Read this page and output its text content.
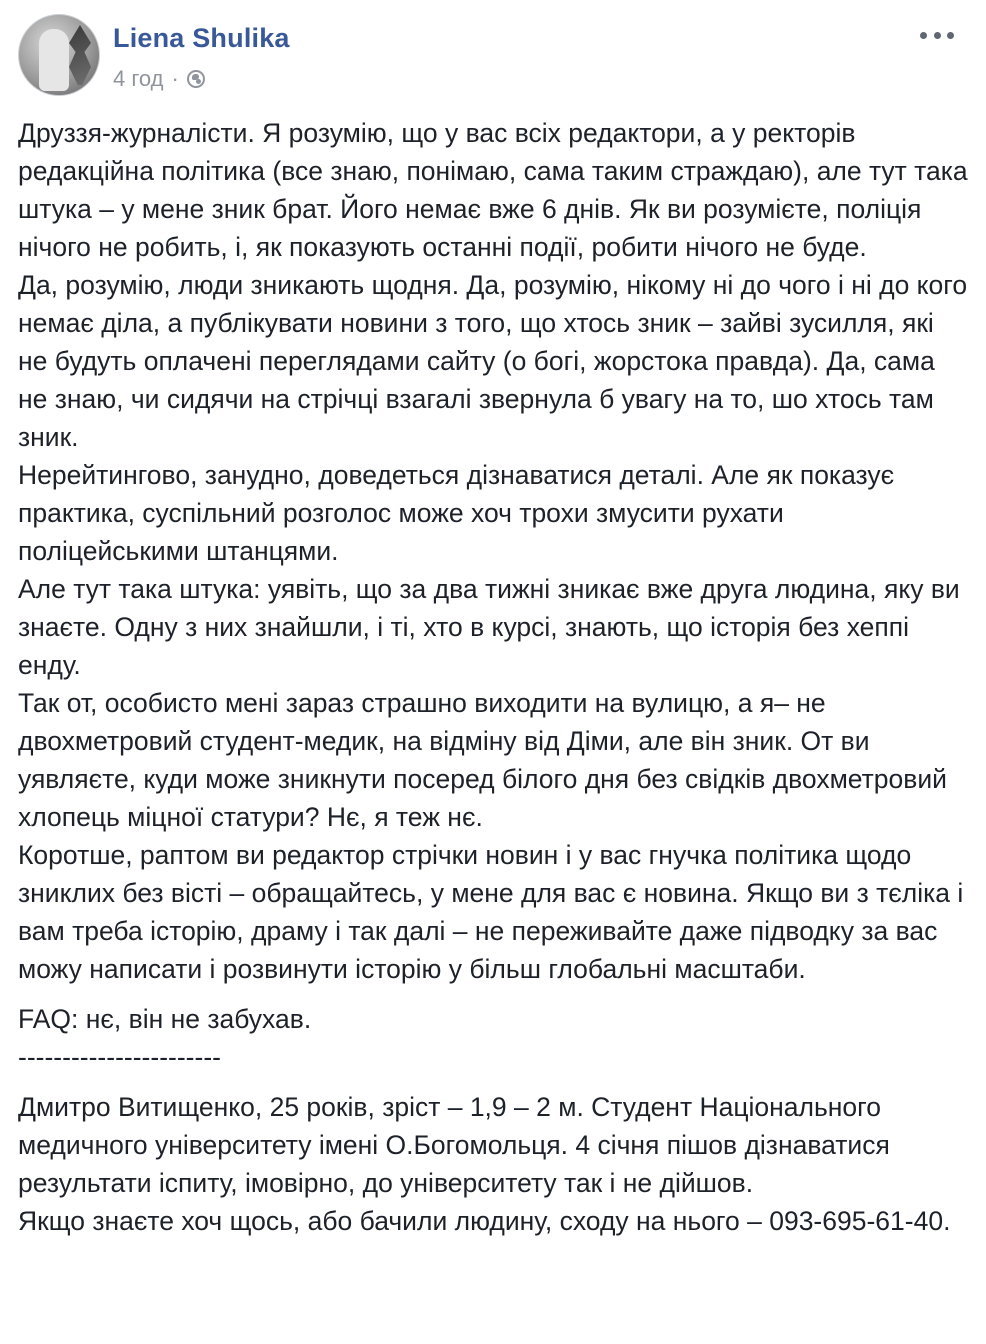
Liena Shulika
4 год ·

Друззя-журналісти. Я розумію, що у вас всіх редактори, а у ректорів редакційна політика (все знаю, понімаю, сама таким страждаю), але тут така штука – у мене зник брат. Його немає вже 6 днів. Як ви розумієте, поліція нічого не робить, і, як показують останні події, робити нічого не буде.

Да, розумію, люди зникають щодня. Да, розумію, нікому ні до чого і ні до кого немає діла, а публікувати новини з того, що хтось зник – зайві зусилля, які не будуть оплачені переглядами сайту (о богі, жорстока правда). Да, сама не знаю, чи сидячи на стрічці взагалі звернула б увагу на то, шо хтось там зник.

Нерейтингово, занудно, доведеться дізнаватися деталі. Але як показує практика, суспільний розголос може хоч трохи змусити рухати поліцейськими штанцями.

Але тут така штука: уявіть, що за два тижні зникає вже друга людина, яку ви знаєте. Одну з них знайшли, і ті, хто в курсі, знають, що історія без хеппі енду.

Так от, особисто мені зараз страшно виходити на вулицю, а я– не двохметровий студент-медик, на відміну від Діми, але він зник. От ви уявляєте, куди може зникнути посеред білого дня без свідків двохметровий хлопець міцної статури? Нє, я теж нє.

Коротше, раптом ви редактор стрічки новин і у вас гнучка політика щодо зниклих без вісті – обращайтесь, у мене для вас є новина. Якщо ви з тєліка і вам треба історію, драму і так далі – не переживайте даже підводку за вас можу написати і розвинути історію у більш глобальні масштаби.

FAQ: нє, він не забухав.

-----------------------

Дмитро Витищенко, 25 років, зріст – 1,9 – 2 м. Студент Національного медичного університету імені О.Богомольця. 4 січня пішов дізнаватися результати іспиту, імовірно, до університету так і не дійшов.

Якщо знаєте хоч щось, або бачили людину, сходу на нього – 093-695-61-40.
